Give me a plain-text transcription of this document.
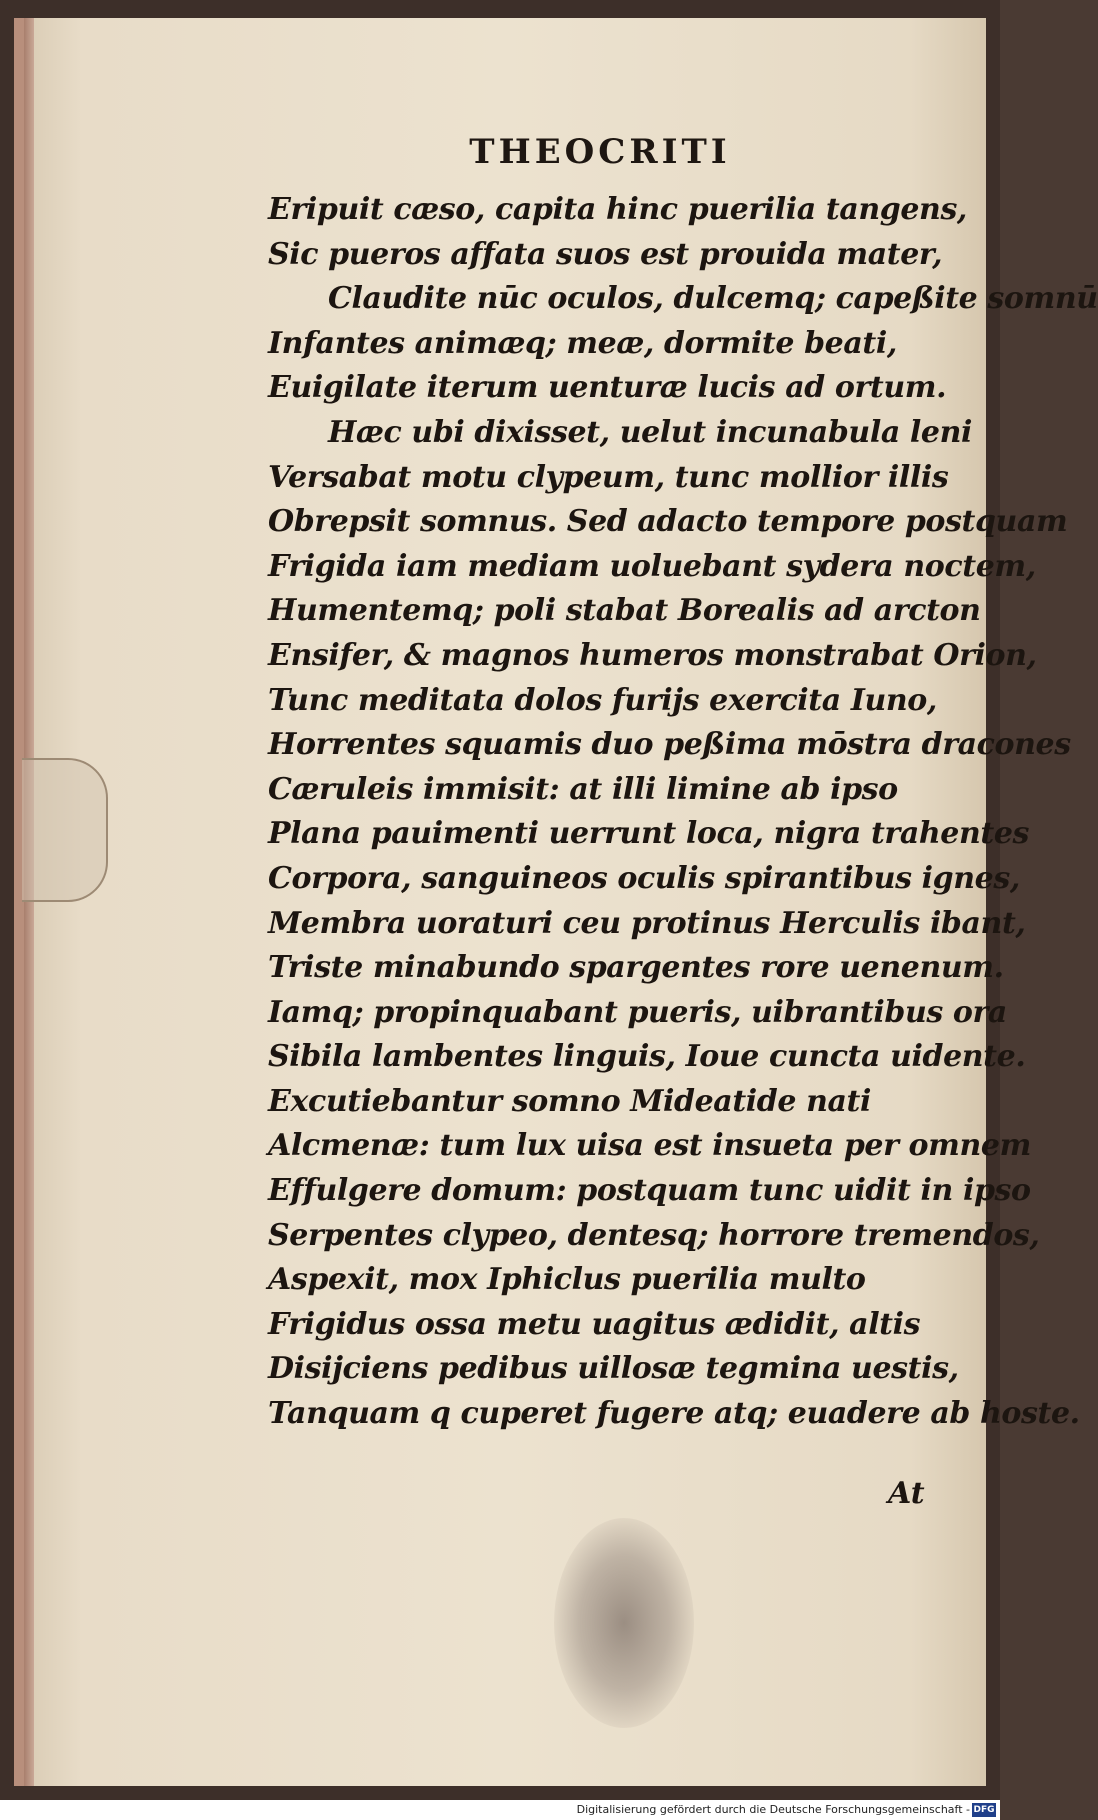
THEOCRITI
Eripuit cæso, capita hinc puerilia tangens,
Sic pueros affata suos est prouida mater,
Claudite nūc oculos, dulcemq; capeßite somnū
Infantes animæq; meæ, dormite beati,
Euigilate iterum uenturæ lucis ad ortum.
Hæc ubi dixisset, uelut incunabula leni
Versabat motu clypeum, tunc mollior illis
Obrepsit somnus. Sed adacto tempore postquam
Frigida iam mediam uoluebant sydera noctem,
Humentemq; poli stabat Borealis ad arcton
Ensifer, & magnos humeros monstrabat Orion,
Tunc meditata dolos furijs exercita Iuno,
Horrentes squamis duo peßima mōstra dracones
Cæruleis immisit: at illi limine ab ipso
Plana pauimenti uerrunt loca, nigra trahentes
Corpora, sanguineos oculis spirantibus ignes,
Membra uoraturi ceu protinus Herculis ibant,
Triste minabundo spargentes rore uenenum.
Iamq; propinquabant pueris, uibrantibus ora
Sibila lambentes linguis, Ioue cuncta uidente.
Excutiebantur somno Mideatide nati
Alcmenæ: tum lux uisa est insueta per omnem
Effulgere domum: postquam tunc uidit in ipso
Serpentes clypeo, dentesq; horrore tremendos,
Aspexit, mox Iphiclus puerilia multo
Frigidus ossa metu uagitus ædidit, altis
Disijciens pedibus uillosæ tegmina uestis,
Tanquam q cuperet fugere atq; euadere ab hoste.
At
Digitalisierung gefördert durch die Deutsche Forschungsgemeinschaft - DFG
